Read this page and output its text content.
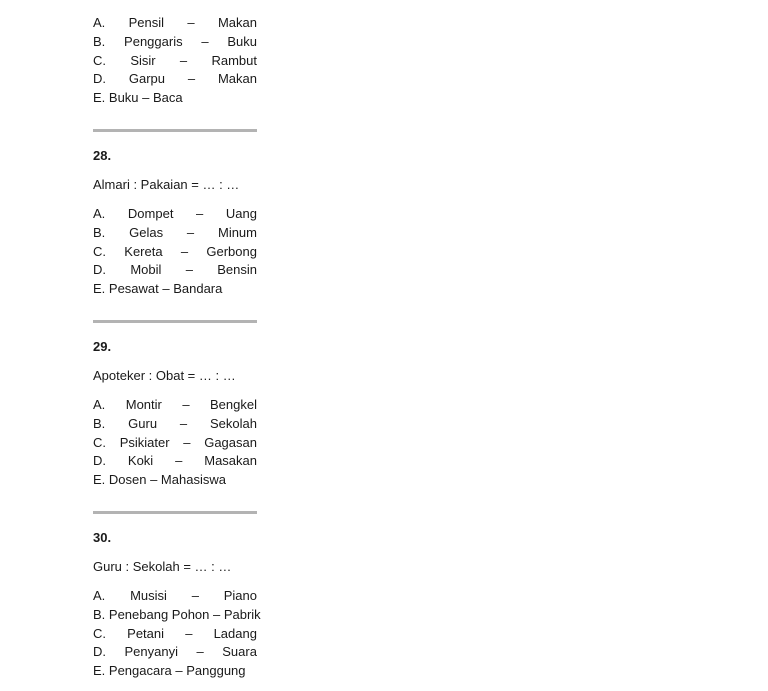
A. Pensil – Makan
B. Penggaris – Buku
C. Sisir – Rambut
D. Garpu – Makan
E. Buku – Baca
28.
Almari : Pakaian = … : …
A. Dompet – Uang
B. Gelas – Minum
C. Kereta – Gerbong
D. Mobil – Bensin
E. Pesawat – Bandara
29.
Apoteker : Obat = … : …
A. Montir – Bengkel
B. Guru – Sekolah
C. Psikiater – Gagasan
D. Koki – Masakan
E. Dosen – Mahasiswa
30.
Guru : Sekolah = … : …
A. Musisi – Piano
B. Penebang Pohon – Pabrik
C. Petani – Ladang
D. Penyanyi – Suara
E. Pengacara – Panggung
